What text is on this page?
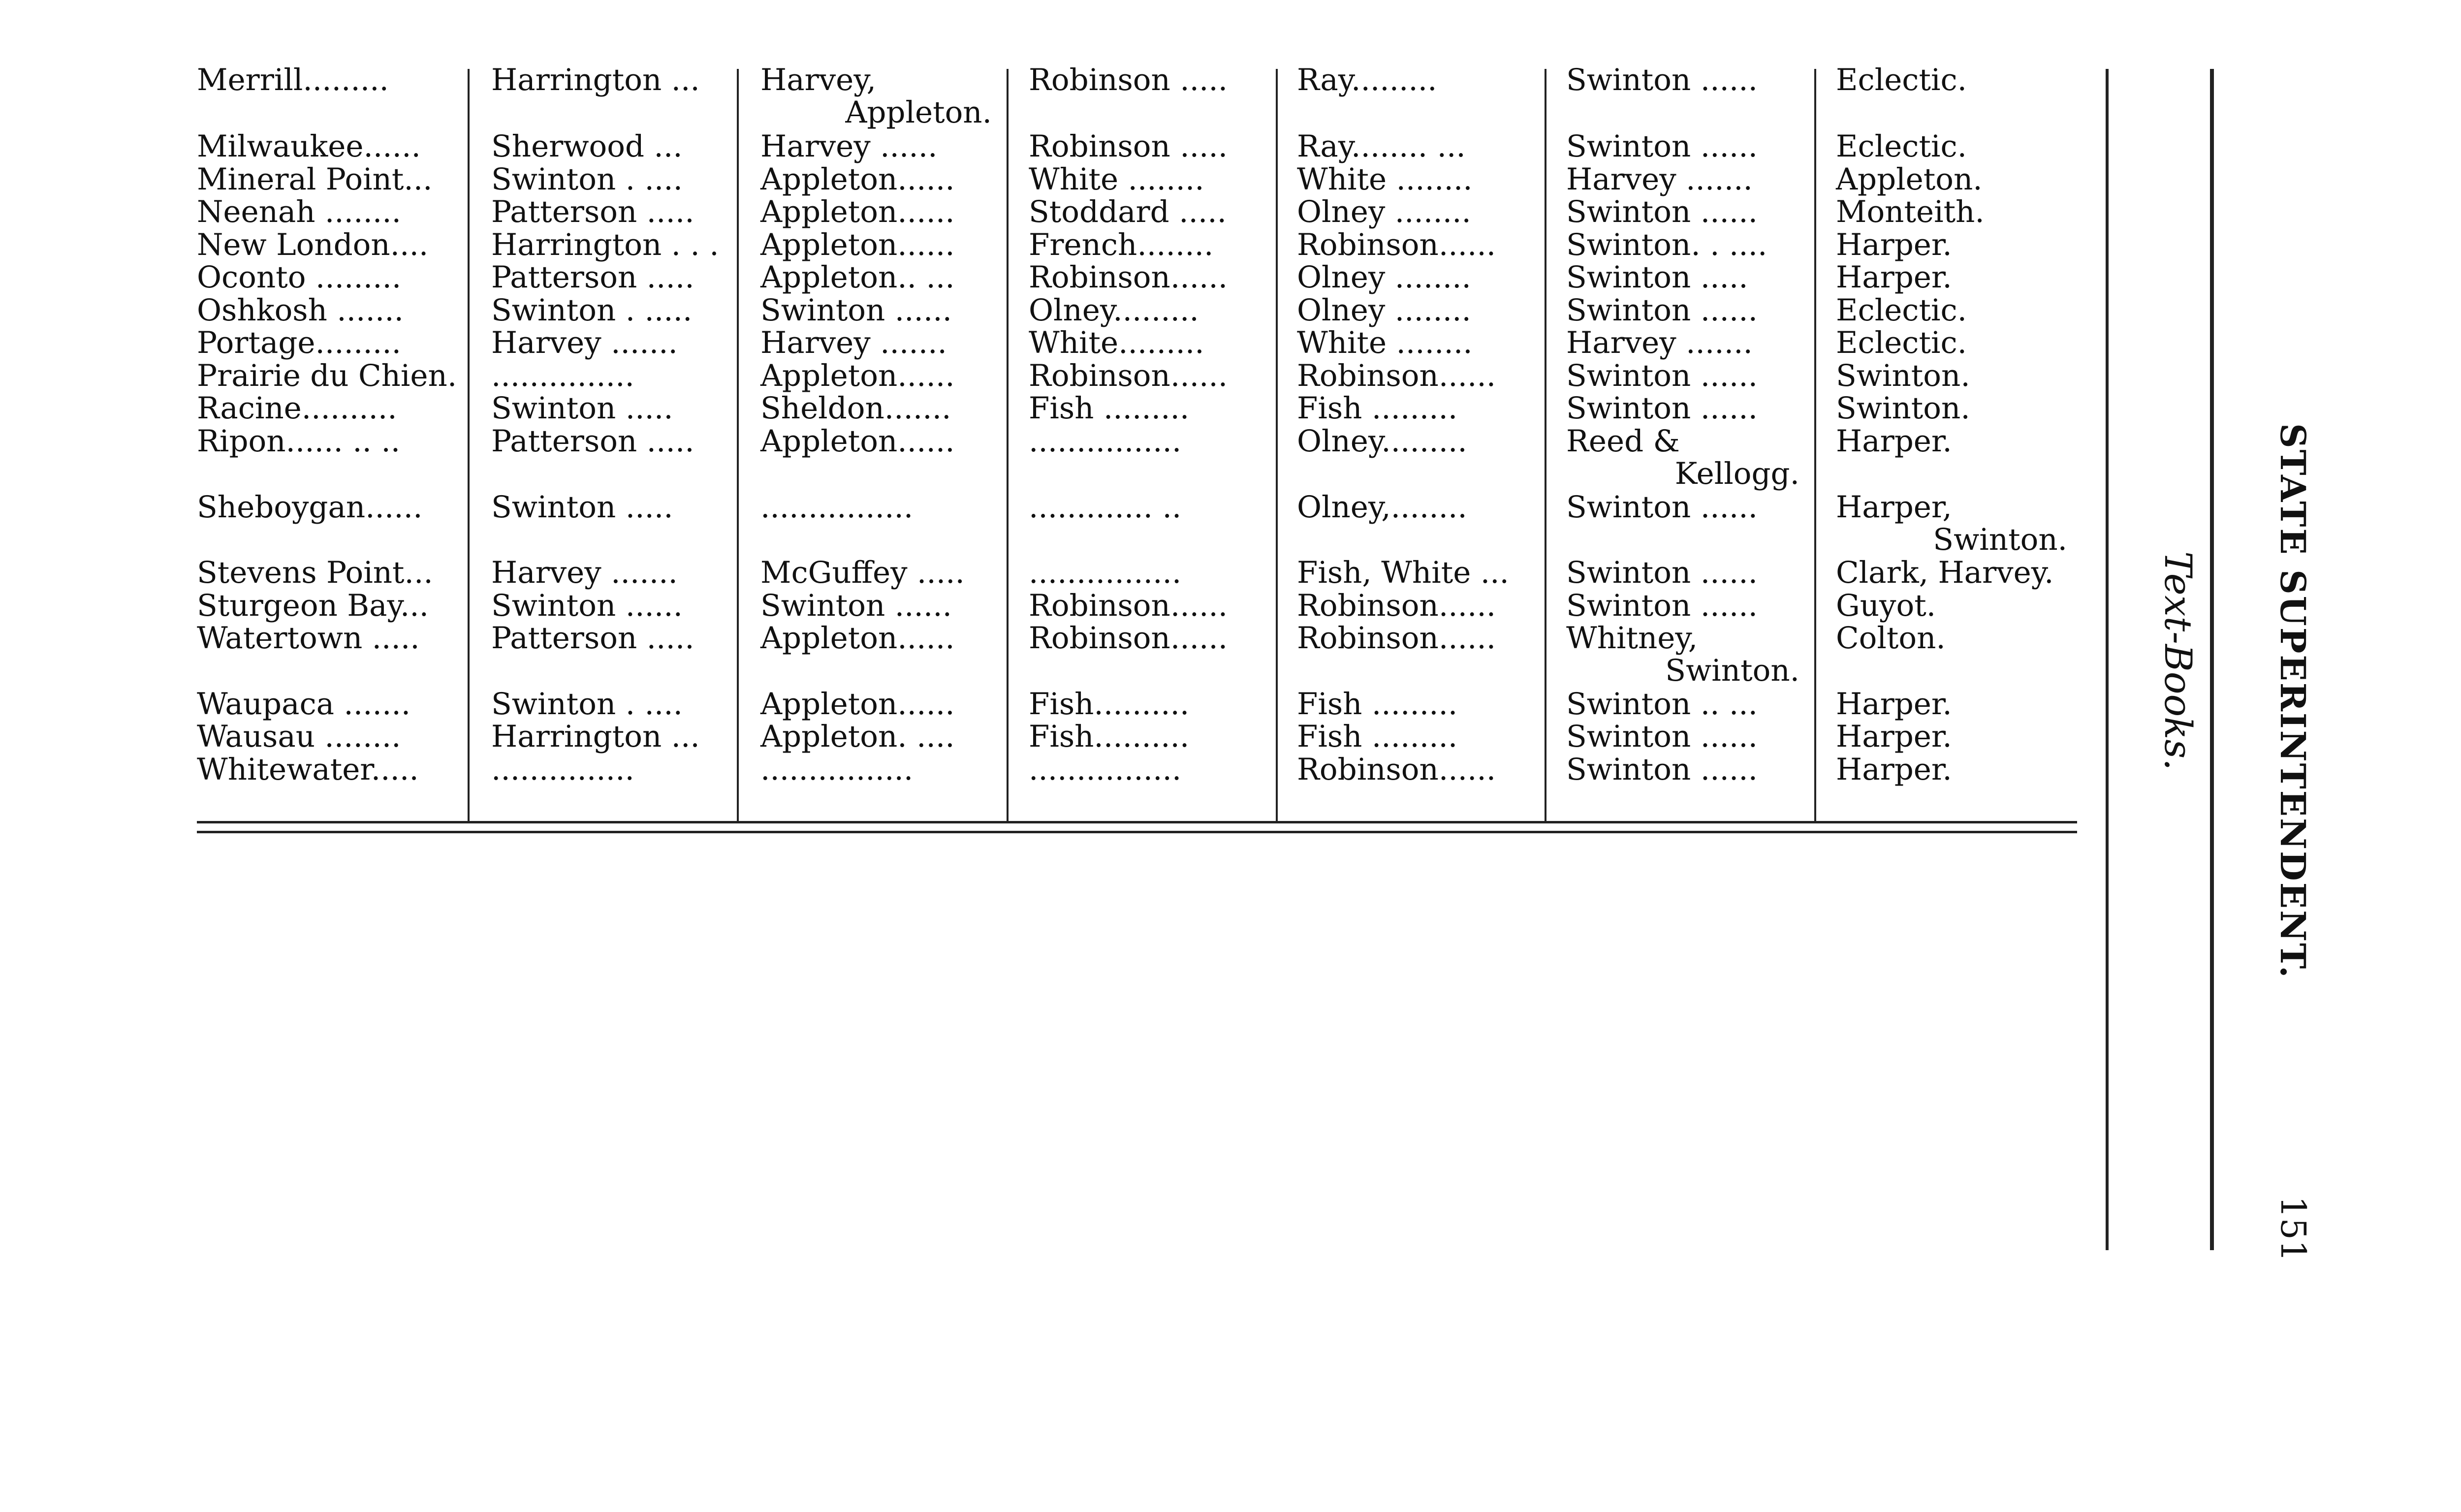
Merrill.........	Harrington ... Harvey,	Robinson ..... Ray.........	Swinton ......	Eclectic.
Appleton.
Milwaukee...... Sherwood ...	Harvey ......	Robinson ..... Ray........ ...	Swinton ......	Eclectic.
Mineral Point... Swinton . ....	Appleton...... White ........	White ........	Harvey .......	Appleton.
Neenah ........	Patterson ..... Appleton...... Stoddard ..... Olney ........	Swinton ......	Monteith.
New London.... Harrington . . . Appleton...... French........	Robinson...... Swinton. . .... Harper.
Oconto .........	Patterson ..... Appleton.. ... Robinson...... Olney ........	Swinton .....	Harper.
Oshkosh .......	Swinton . ..... Swinton ......	Olney.........	Olney ........	Swinton ......	Eclectic.
Portage.........	Harvey .......	Harvey .......	White.........	White ........	Harvey .......	Eclectic.
Prairie du Chien. ...............	Appleton...... Robinson...... Robinson...... Swinton ......	Swinton.
Racine..........	Swinton .....	Sheldon.......	Fish .........	Fish .........	Swinton ......	Swinton.
Ripon...... .. ..	Patterson ..... Appleton...... ................	Olney.........	Reed &	Harper.
Kellogg.
Sheboygan...... Swinton .....	................	............. ..	Olney,........	Swinton ......	Harper,
Swinton.
Stevens Point... Harvey .......	McGuffey ..... ................	Fish, White ... Swinton ......	Clark, Harvey.
Sturgeon Bay... Swinton ......	Swinton ......	Robinson...... Robinson...... Swinton ......	Guyot.
Watertown ..... Patterson ..... Appleton...... Robinson...... Robinson...... Whitney,	Colton.
Swinton.
Waupaca .......	Swinton . ....	Appleton...... Fish..........	Fish .........	Swinton .. ...	Harper.
Wausau ........	Harrington ... Appleton. .... Fish..........	Fish .........	Swinton ......	Harper.
Whitewater..... ...............	................	................	Robinson...... Swinton ......	Harper.	Text-Books. STATE SUPERINTENDENT.
151
